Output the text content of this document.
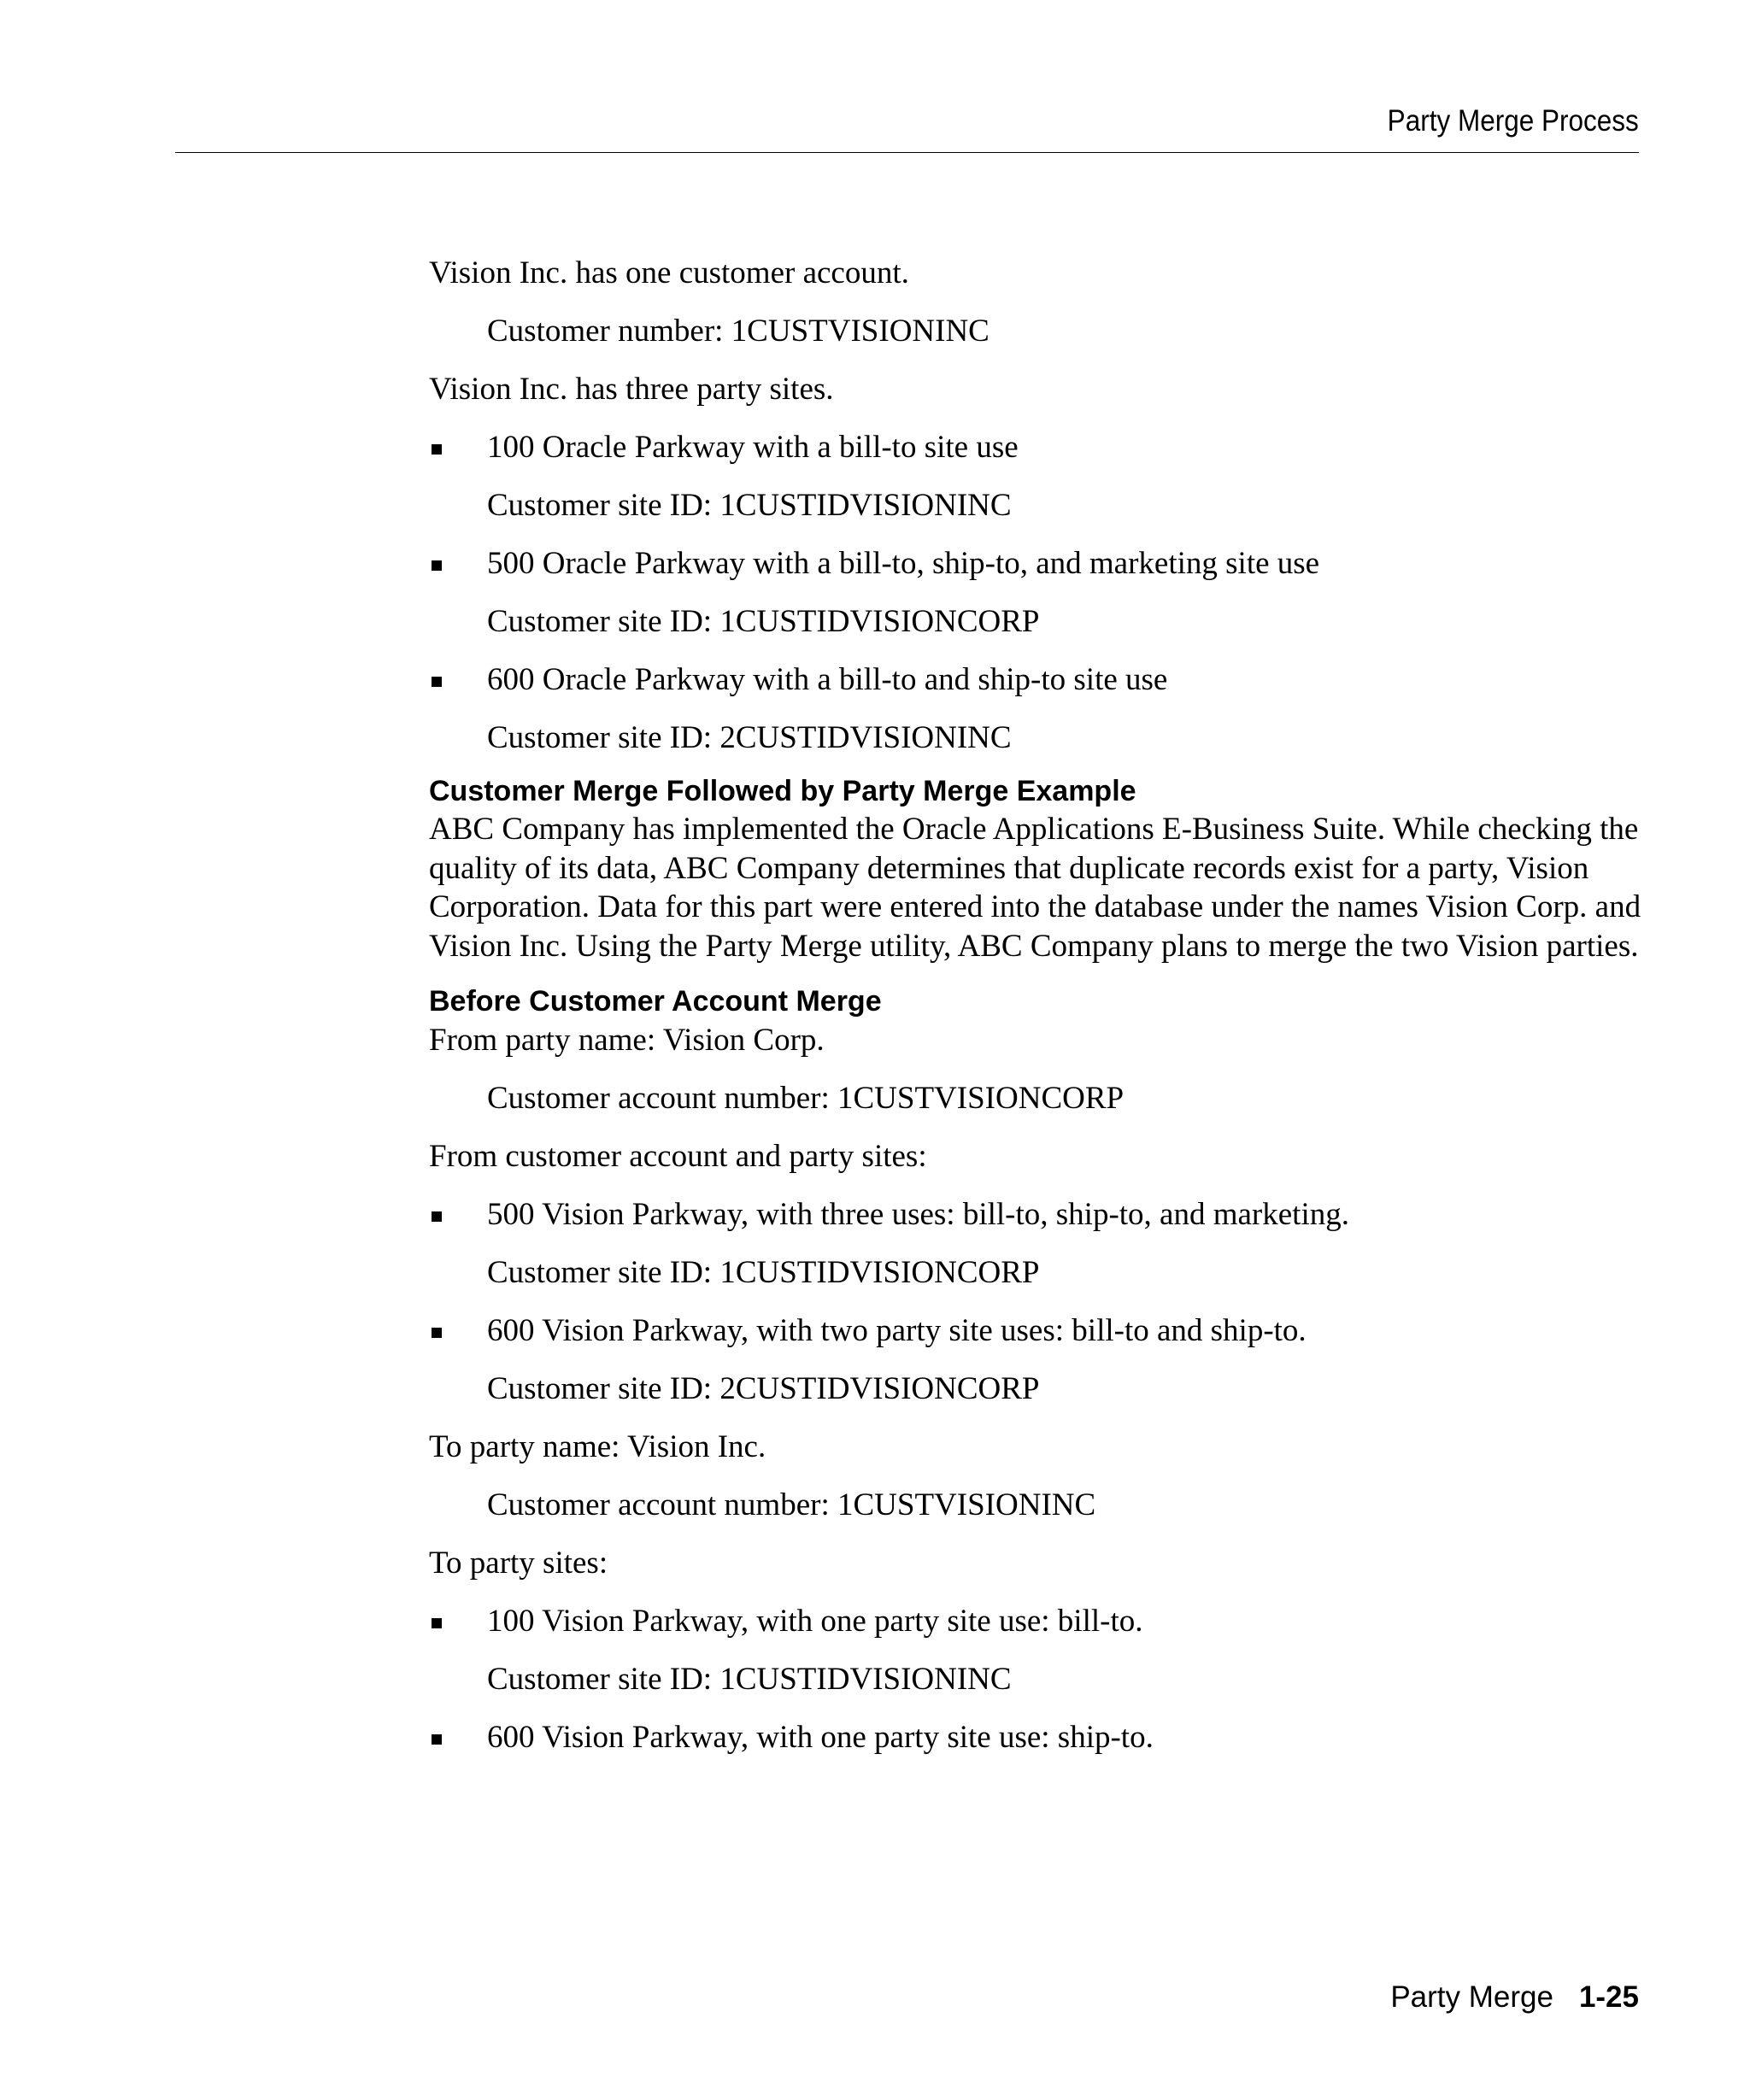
Party Merge Process

Vision Inc. has one customer account.

Customer number: 1CUSTVISIONINC

Vision Inc. has three party sites.

100 Oracle Parkway with a bill-to site use

Customer site ID: 1CUSTIDVISIONINC

500 Oracle Parkway with a bill-to, ship-to, and marketing site use

Customer site ID: 1CUSTIDVISIONCORP

600 Oracle Parkway with a bill-to and ship-to site use

Customer site ID: 2CUSTIDVISIONINC

Customer Merge Followed by Party Merge Example

ABC Company has implemented the Oracle Applications E-Business Suite. While checking the quality of its data, ABC Company determines that duplicate records exist for a party, Vision Corporation. Data for this part were entered into the database under the names Vision Corp. and Vision Inc. Using the Party Merge utility, ABC Company plans to merge the two Vision parties.

Before Customer Account Merge

From party name: Vision Corp.

Customer account number: 1CUSTVISIONCORP

From customer account and party sites:

500 Vision Parkway, with three uses: bill-to, ship-to, and marketing.

Customer site ID: 1CUSTIDVISIONCORP

600 Vision Parkway, with two party site uses: bill-to and ship-to.

Customer site ID: 2CUSTIDVISIONCORP

To party name: Vision Inc.

Customer account number: 1CUSTVISIONINC

To party sites:

100 Vision Parkway, with one party site use: bill-to.

Customer site ID: 1CUSTIDVISIONINC

600 Vision Parkway, with one party site use: ship-to.

Party Merge 1-25
